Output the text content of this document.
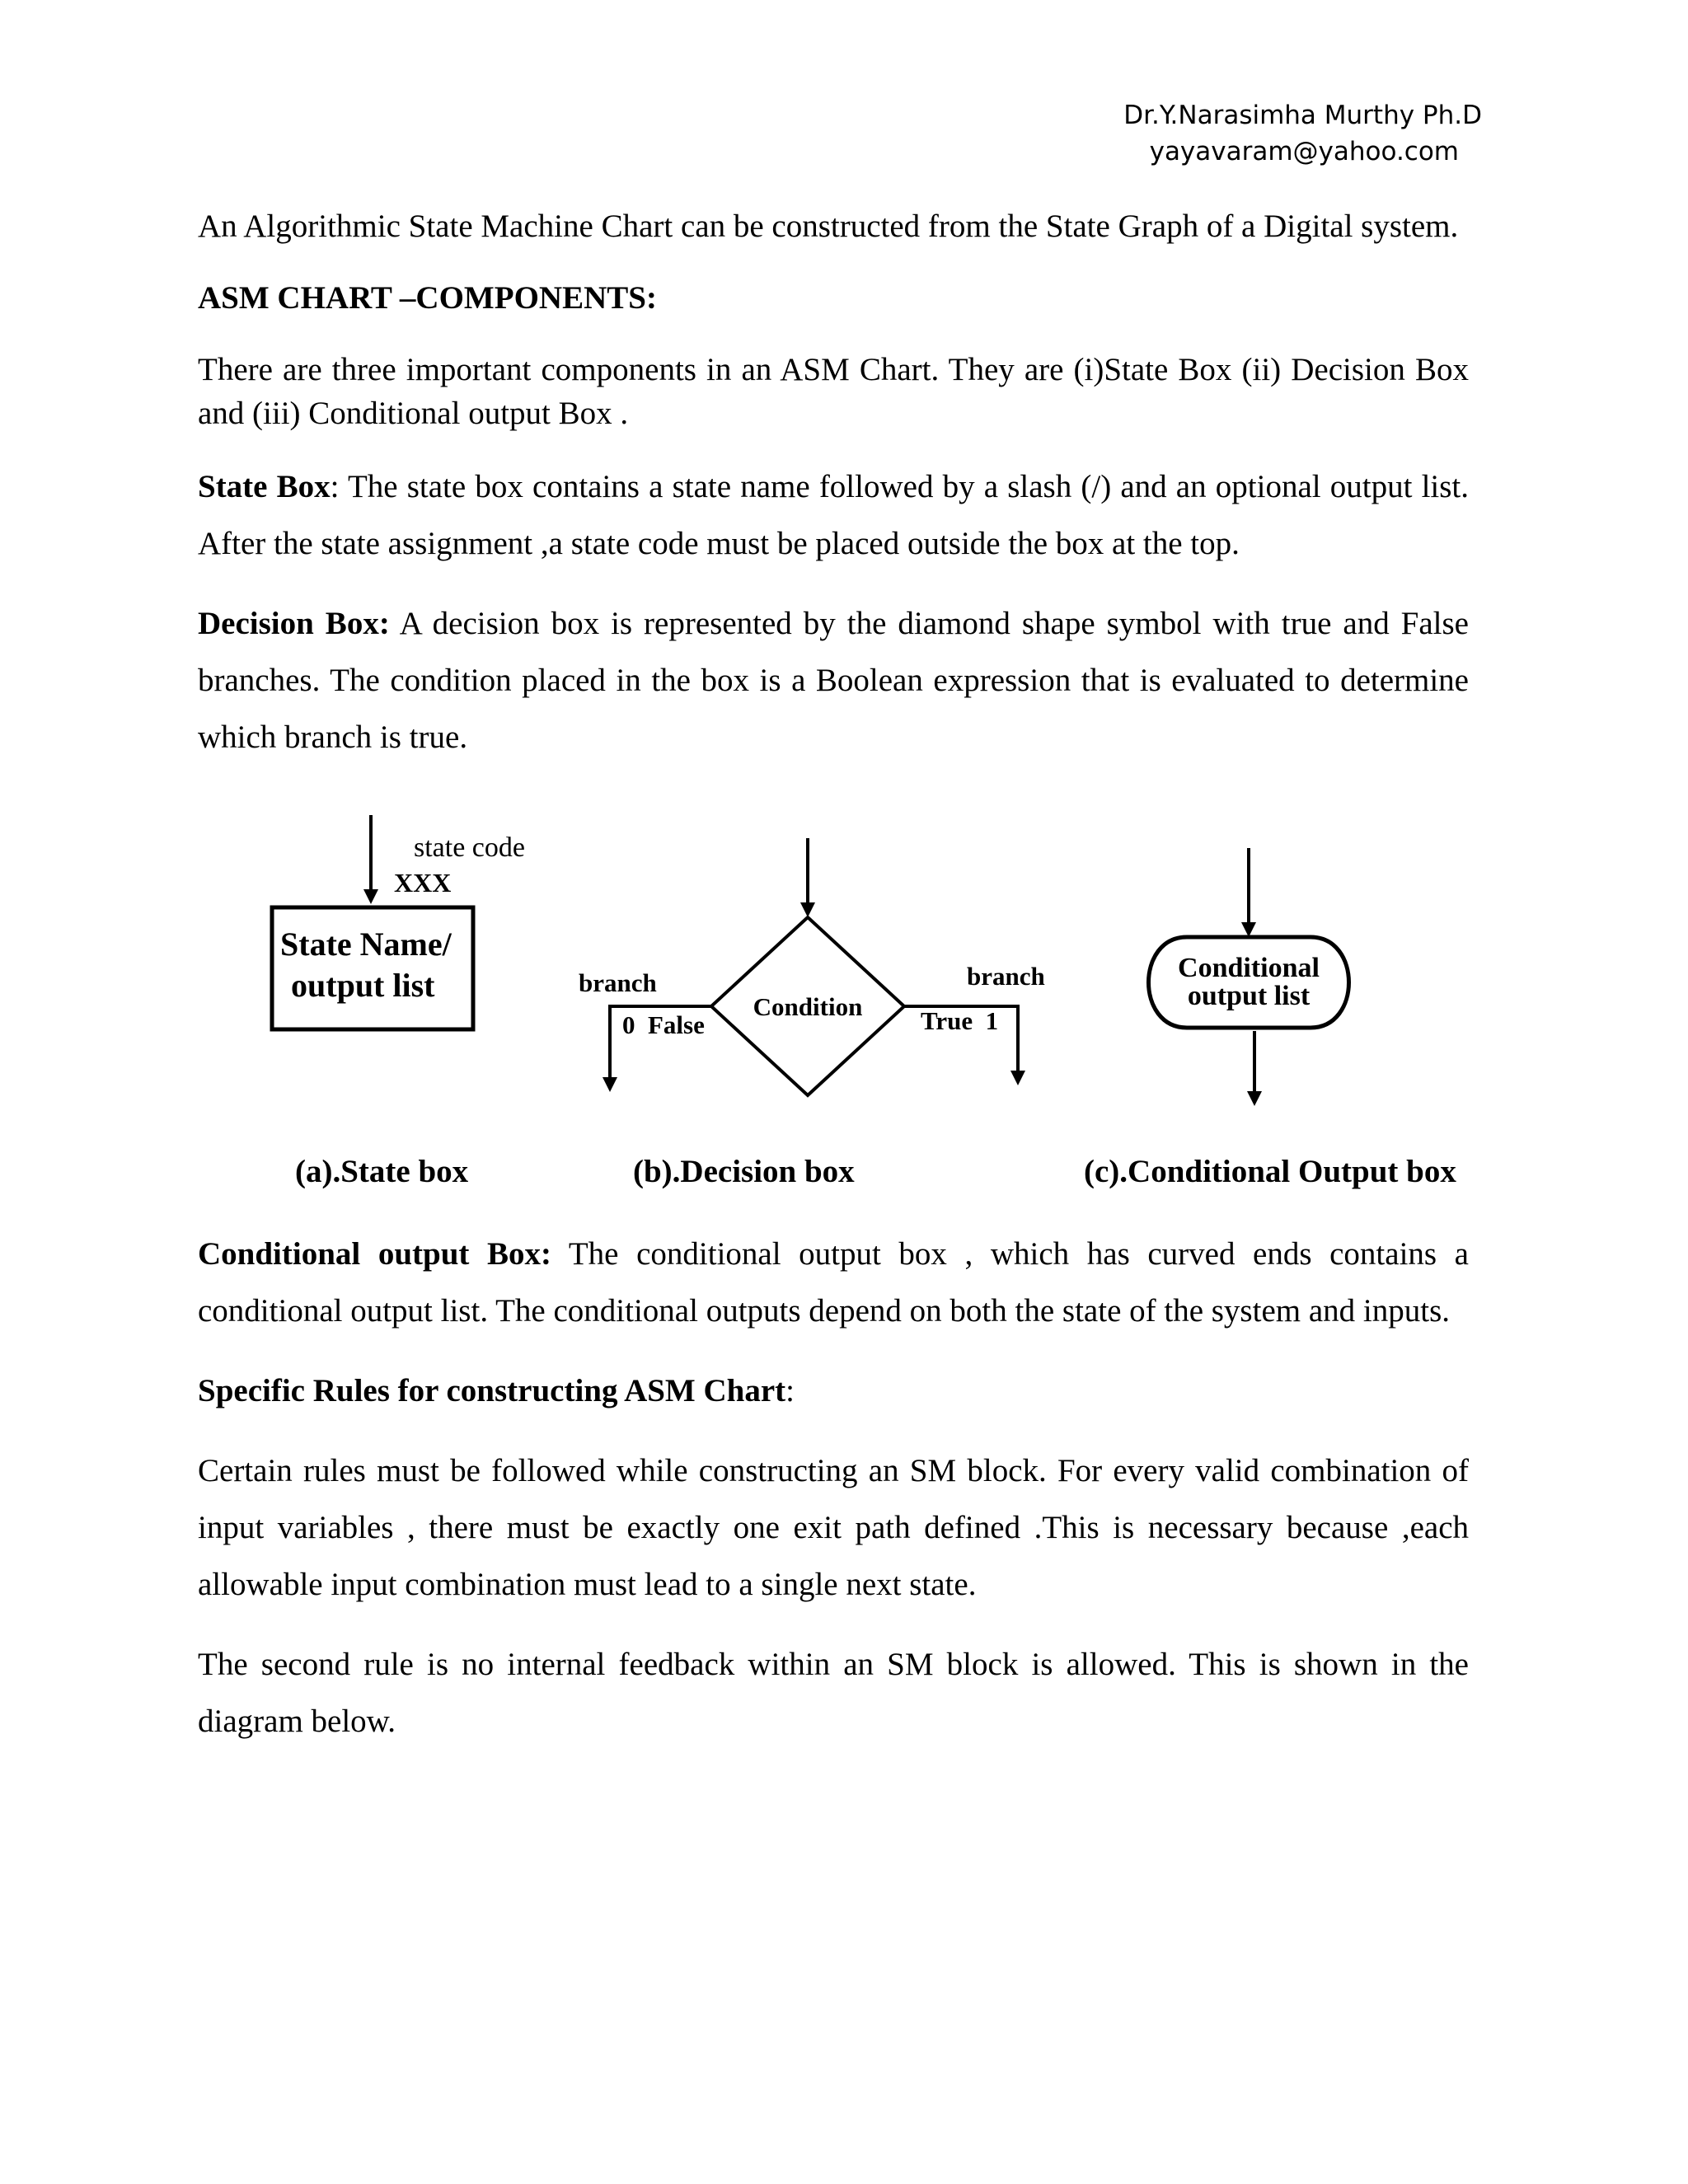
Dr.Y.Narasimha Murthy Ph.D
yayavaram@yahoo.com

An Algorithmic State Machine Chart can be constructed from the State Graph of a Digital system.

ASM CHART –COMPONENTS:

There are three important components in an ASM Chart. They are (i)State Box (ii) Decision Box and (iii) Conditional output Box .

State Box: The state box contains a state name followed by a slash (/) and an optional output list. After the state assignment ,a state code must be placed outside the box at the top.

Decision Box: A decision box is represented by the diamond shape symbol with true and False branches. The condition placed in the box is a Boolean expression that is evaluated to determine which branch is true.

state code
XXX
State Name/
output list
Condition
branch
0  False
branch
True  1
Conditional
output list
(a).State box	(b).Decision box	(c).Conditional Output box

Conditional output Box: The conditional output box , which has curved ends contains a conditional output list. The conditional outputs depend on both the state of the system and inputs.

Specific Rules for constructing ASM Chart:

Certain rules must be followed while constructing an SM block. For every valid combination of input variables , there must be exactly one exit path defined .This is necessary because ,each allowable input combination must lead to a single next state.

The second rule is no internal feedback within an SM block is allowed. This is shown in the diagram below.
